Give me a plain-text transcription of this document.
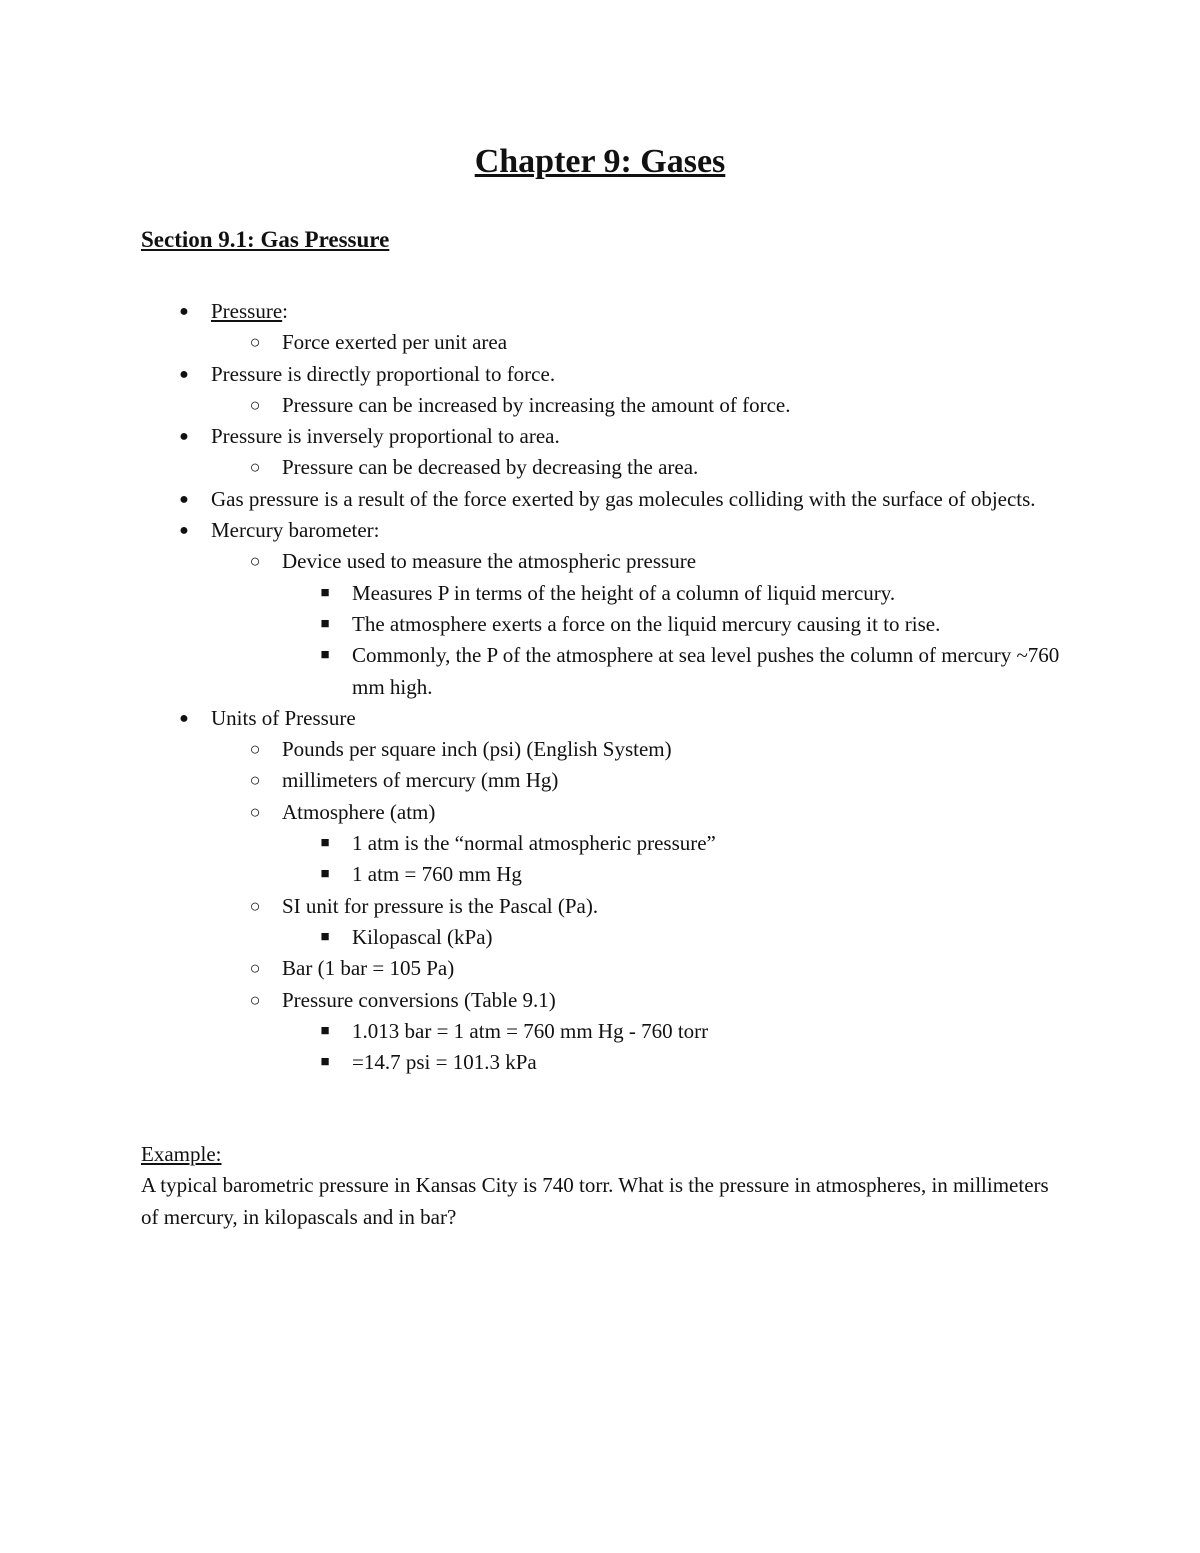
Chapter 9: Gases
Section 9.1: Gas Pressure
● Pressure:
○ Force exerted per unit area
● Pressure is directly proportional to force.
○ Pressure can be increased by increasing the amount of force.
● Pressure is inversely proportional to area.
○ Pressure can be decreased by decreasing the area.
● Gas pressure is a result of the force exerted by gas molecules colliding with the surface of objects.
● Mercury barometer:
○ Device used to measure the atmospheric pressure
■ Measures P in terms of the height of a column of liquid mercury.
■ The atmosphere exerts a force on the liquid mercury causing it to rise.
■ Commonly, the P of the atmosphere at sea level pushes the column of mercury ~760 mm high.
● Units of Pressure
○ Pounds per square inch (psi) (English System)
○ millimeters of mercury (mm Hg)
○ Atmosphere (atm)
■ 1 atm is the “normal atmospheric pressure”
■ 1 atm = 760 mm Hg
○ SI unit for pressure is the Pascal (Pa).
■ Kilopascal (kPa)
○ Bar (1 bar = 105 Pa)
○ Pressure conversions (Table 9.1)
■ 1.013 bar = 1 atm = 760 mm Hg - 760 torr
■ =14.7 psi = 101.3 kPa
Example:
A typical barometric pressure in Kansas City is 740 torr. What is the pressure in atmospheres, in millimeters of mercury, in kilopascals and in bar?
